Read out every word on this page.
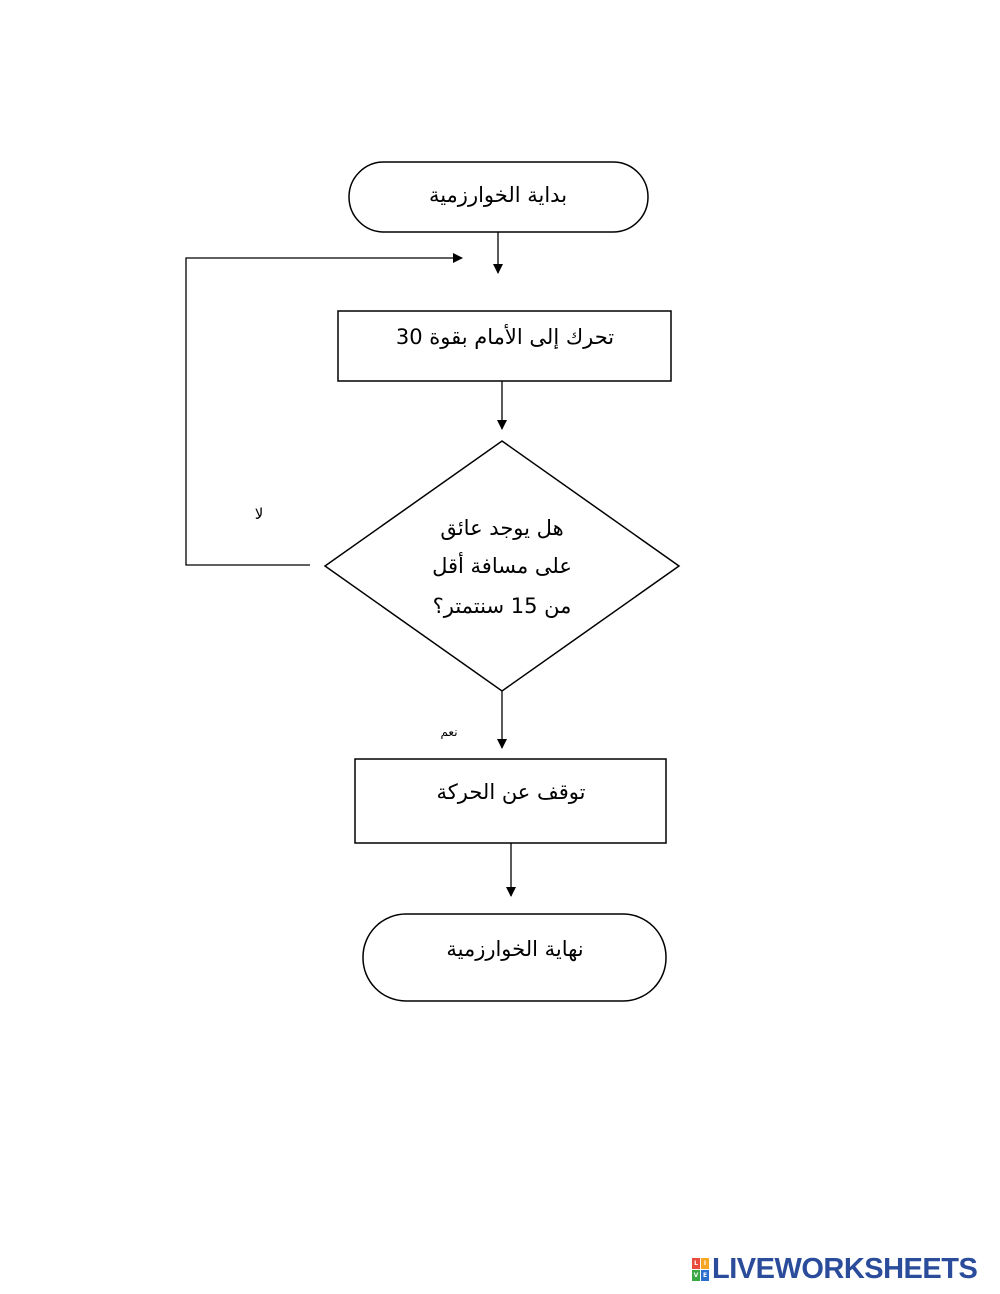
بداية الخوارزمية
لا
تحرك إلى الأمام بقوة 30
هل يوجد عائق
على مسافة أقل
من 15 سنتمتر؟
نعم
توقف عن الحركة
نهاية الخوارزمية
L I
V E LIVEWORKSHEETS
